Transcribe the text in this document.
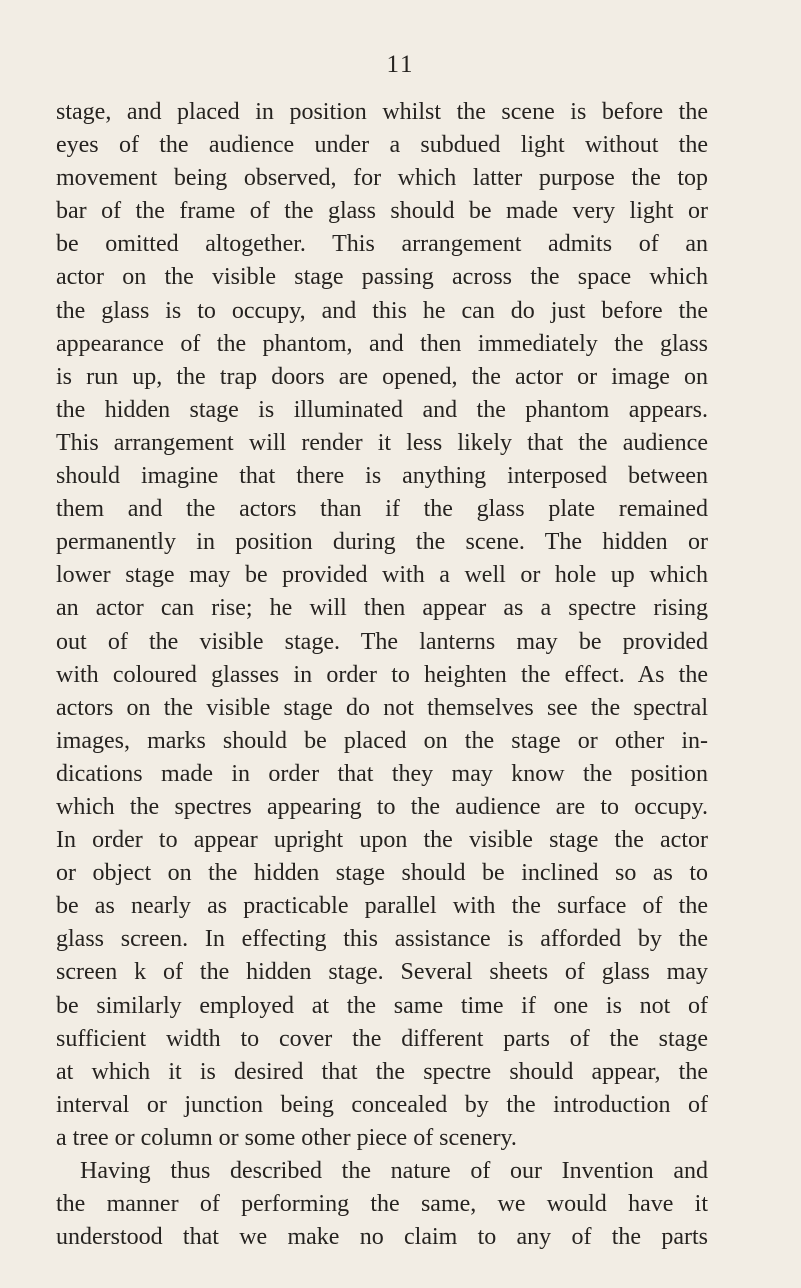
11
stage, and placed in position whilst the scene is before the
eyes of the audience under a subdued light without the
movement being observed, for which latter purpose the top
bar of the frame of the glass should be made very light or
be omitted altogether. This arrangement admits of an
actor on the visible stage passing across the space which
the glass is to occupy, and this he can do just before the
appearance of the phantom, and then immediately the glass
is run up, the trap doors are opened, the actor or image on
the hidden stage is illuminated and the phantom appears.
This arrangement will render it less likely that the audience
should imagine that there is anything interposed between
them and the actors than if the glass plate remained
permanently in position during the scene. The hidden or
lower stage may be provided with a well or hole up which
an actor can rise; he will then appear as a spectre rising
out of the visible stage. The lanterns may be provided
with coloured glasses in order to heighten the effect. As the
actors on the visible stage do not themselves see the spectral
images, marks should be placed on the stage or other in-
dications made in order that they may know the position
which the spectres appearing to the audience are to occupy.
In order to appear upright upon the visible stage the actor
or object on the hidden stage should be inclined so as to
be as nearly as practicable parallel with the surface of the
glass screen. In effecting this assistance is afforded by the
screen k of the hidden stage. Several sheets of glass may
be similarly employed at the same time if one is not of
sufficient width to cover the different parts of the stage
at which it is desired that the spectre should appear, the
interval or junction being concealed by the introduction of
a tree or column or some other piece of scenery.
Having thus described the nature of our Invention and
the manner of performing the same, we would have it
understood that we make no claim to any of the parts
